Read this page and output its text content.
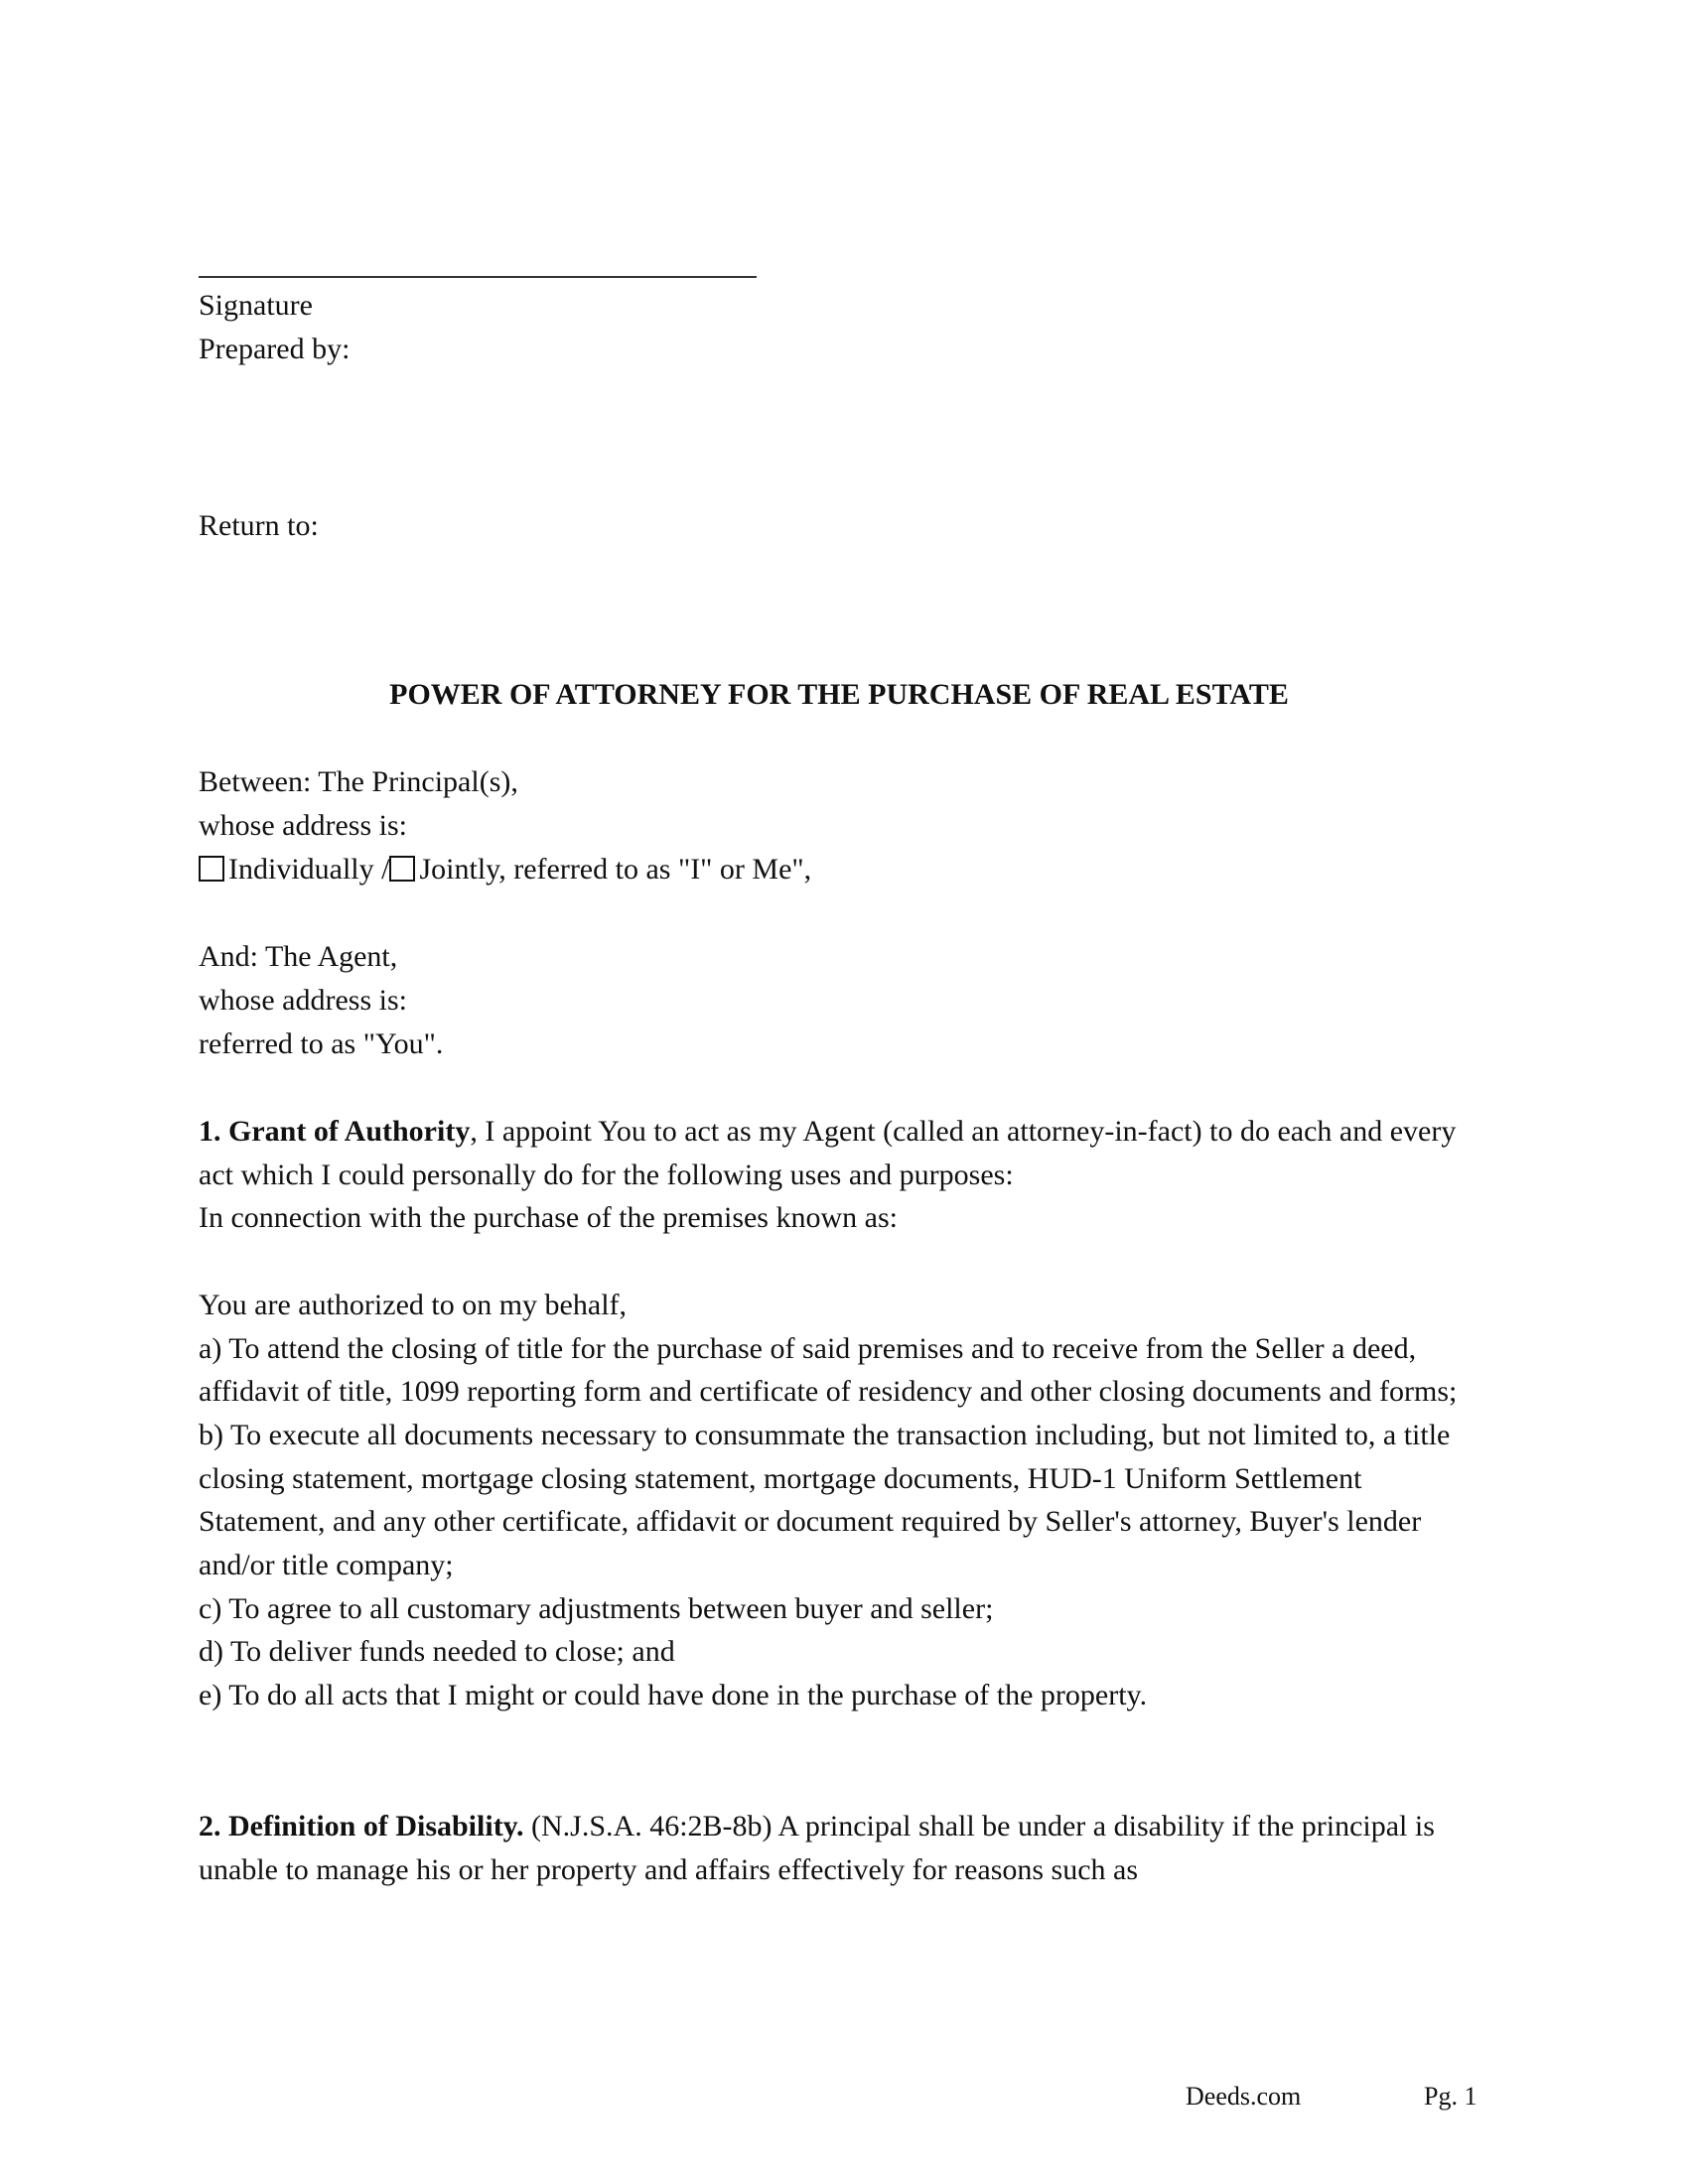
Signature
Prepared by:
Return to:
POWER OF ATTORNEY FOR THE PURCHASE OF REAL ESTATE
Between: The Principal(s),
whose address is:
Individually / Jointly, referred to as "I" or Me",
And: The Agent,
whose address is:
referred to as "You".

1. Grant of Authority, I appoint You to act as my Agent (called an attorney-in-fact) to do each and every act which I could personally do for the following uses and purposes:

In connection with the purchase of the premises known as:

You are authorized to on my behalf,

a) To attend the closing of title for the purchase of said premises and to receive from the Seller a deed, affidavit of title, 1099 reporting form and certificate of residency and other closing documents and forms;

b) To execute all documents necessary to consummate the transaction including, but not limited to, a title closing statement, mortgage closing statement, mortgage documents, HUD-1 Uniform Settlement Statement, and any other certificate, affidavit or document required by Seller's attorney, Buyer's lender and/or title company;

c) To agree to all customary adjustments between buyer and seller;

d) To deliver funds needed to close; and

e) To do all acts that I might or could have done in the purchase of the property.

2. Definition of Disability. (N.J.S.A. 46:2B-8b) A principal shall be under a disability if the principal is unable to manage his or her property and affairs effectively for reasons such as

Deeds.com	Pg. 1
